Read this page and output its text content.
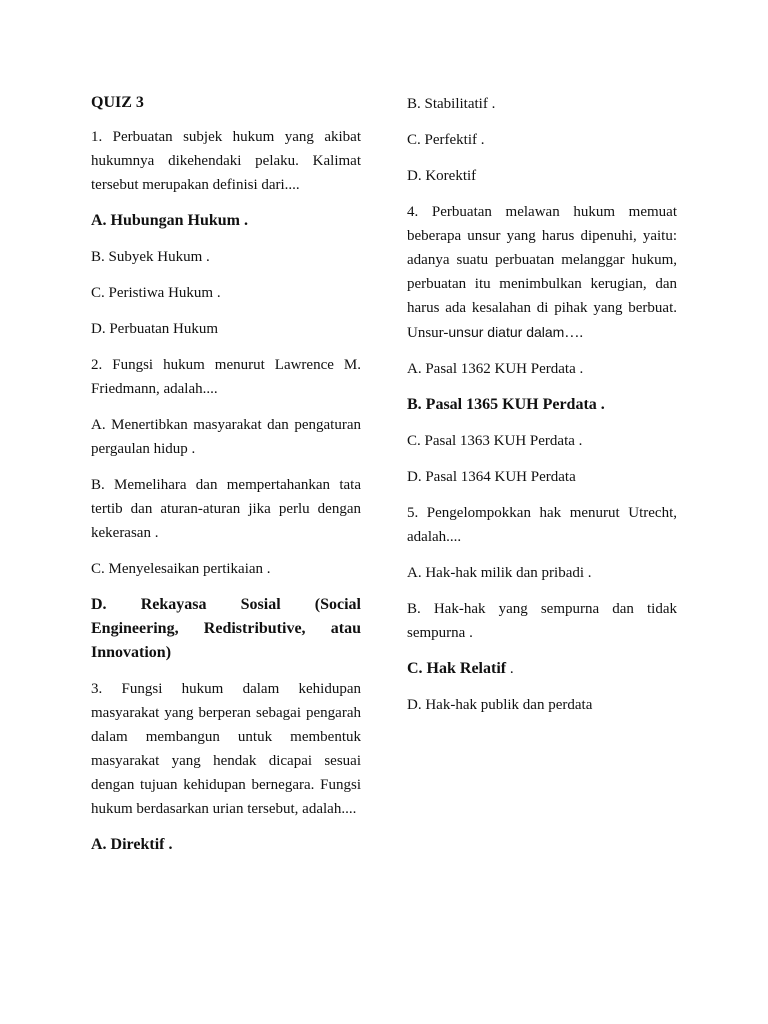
QUIZ 3

1. Perbuatan subjek hukum yang akibat hukumnya dikehendaki pelaku. Kalimat tersebut merupakan definisi dari....

A. Hubungan Hukum .

B. Subyek Hukum .

C. Peristiwa Hukum .

D. Perbuatan Hukum

2. Fungsi hukum menurut Lawrence M. Friedmann, adalah....

A. Menertibkan masyarakat dan pengaturan pergaulan hidup .

B. Memelihara dan mempertahankan tata tertib dan aturan-aturan jika perlu dengan kekerasan .

C. Menyelesaikan pertikaian .

D. Rekayasa Sosial (Social Engineering, Redistributive, atau Innovation)

3. Fungsi hukum dalam kehidupan masyarakat yang berperan sebagai pengarah dalam membangun untuk membentuk masyarakat yang hendak dicapai sesuai dengan tujuan kehidupan bernegara. Fungsi hukum berdasarkan urian tersebut, adalah....

A. Direktif .

B. Stabilitatif .

C. Perfektif .

D. Korektif

4. Perbuatan melawan hukum memuat beberapa unsur yang harus dipenuhi, yaitu: adanya suatu perbuatan melanggar hukum, perbuatan itu menimbulkan kerugian, dan harus ada kesalahan di pihak yang berbuat. Unsur-unsur diatur dalam….

A. Pasal 1362 KUH Perdata .

B. Pasal 1365 KUH Perdata .

C. Pasal 1363 KUH Perdata .

D. Pasal 1364 KUH Perdata

5. Pengelompokkan hak menurut Utrecht, adalah....

A. Hak-hak milik dan pribadi .

B. Hak-hak yang sempurna dan tidak sempurna .

C. Hak Relatif .

D. Hak-hak publik dan perdata
